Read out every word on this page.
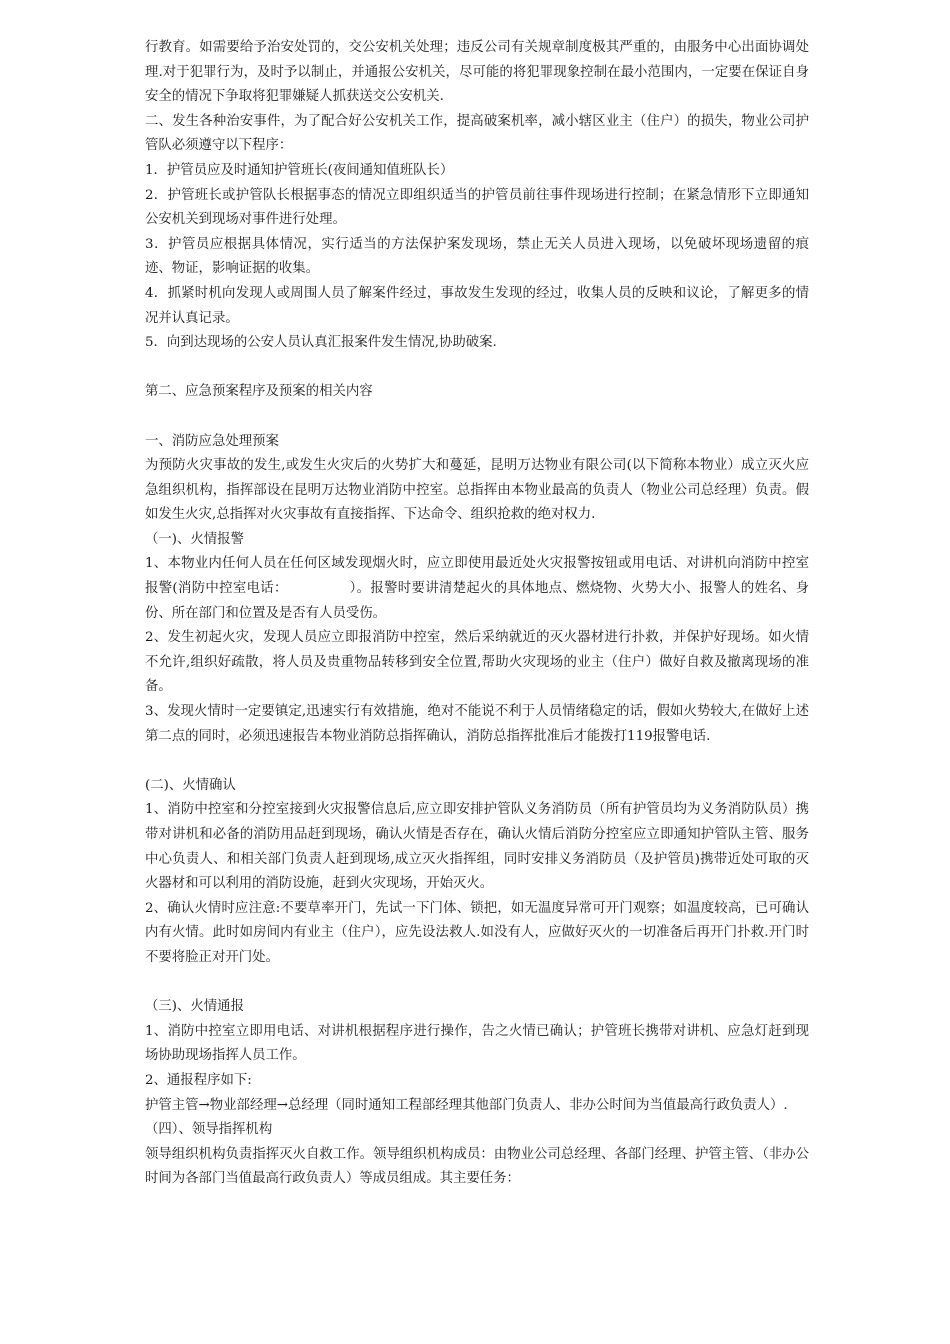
行教育。如需要给予治安处罚的，交公安机关处理；违反公司有关规章制度极其严重的，由服务中心出面协调处理.对于犯罪行为，及时予以制止，并通报公安机关，尽可能的将犯罪现象控制在最小范围内，一定要在保证自身安全的情况下争取将犯罪嫌疑人抓获送交公安机关.

二、发生各种治安事件，为了配合好公安机关工作，提高破案机率，减小辖区业主（住户）的损失，物业公司护管队必须遵守以下程序：

1．护管员应及时通知护管班长(夜间通知值班队长）

2．护管班长或护管队长根据事态的情况立即组织适当的护管员前往事件现场进行控制；在紧急情形下立即通知公安机关到现场对事件进行处理。

3．护管员应根据具体情况，实行适当的方法保护案发现场，禁止无关人员进入现场，以免破坏现场遗留的痕迹、物证，影响证据的收集。

4．抓紧时机向发现人或周围人员了解案件经过，事故发生发现的经过，收集人员的反映和议论，了解更多的情况并认真记录。

5．向到达现场的公安人员认真汇报案件发生情况,协助破案.

第二、应急预案程序及预案的相关内容

一、消防应急处理预案

为预防火灾事故的发生,或发生火灾后的火势扩大和蔓延，昆明万达物业有限公司(以下简称本物业）成立灭火应急组织机构，指挥部设在昆明万达物业消防中控室。总指挥由本物业最高的负责人（物业公司总经理）负责。假如发生火灾,总指挥对火灾事故有直接指挥、下达命令、组织抢救的绝对权力.

（一)、火情报警

1、本物业内任何人员在任何区域发现烟火时，应立即使用最近处火灾报警按钮或用电话、对讲机向消防中控室报警(消防中控室电话：　　　　　）。报警时要讲清楚起火的具体地点、燃烧物、火势大小、报警人的姓名、身份、所在部门和位置及是否有人员受伤。

2、发生初起火灾，发现人员应立即报消防中控室，然后采纳就近的灭火器材进行扑救，并保护好现场。如火情不允许,组织好疏散，将人员及贵重物品转移到安全位置,帮助火灾现场的业主（住户）做好自救及撤离现场的准备。

3、发现火情时一定要镇定,迅速实行有效措施，绝对不能说不利于人员情绪稳定的话，假如火势较大,在做好上述第二点的同时，必须迅速报告本物业消防总指挥确认，消防总指挥批准后才能拨打119报警电话.

(二)、火情确认

1、消防中控室和分控室接到火灾报警信息后,应立即安排护管队义务消防员（所有护管员均为义务消防队员）携带对讲机和必备的消防用品赶到现场，确认火情是否存在，确认火情后消防分控室应立即通知护管队主管、服务中心负责人、和相关部门负责人赶到现场,成立灭火指挥组，同时安排义务消防员（及护管员)携带近处可取的灭火器材和可以利用的消防设施，赶到火灾现场，开始灭火。

2、确认火情时应注意:不要草率开门，先试一下门体、锁把，如无温度异常可开门观察；如温度较高，已可确认内有火情。此时如房间内有业主（住户），应先设法救人.如没有人，应做好灭火的一切准备后再开门扑救.开门时不要将脸正对开门处。

（三)、火情通报

1、消防中控室立即用电话、对讲机根据程序进行操作，告之火情已确认；护管班长携带对讲机、应急灯赶到现场协助现场指挥人员工作。

2、通报程序如下:

护管主管→物业部经理→总经理（同时通知工程部经理其他部门负责人、非办公时间为当值最高行政负责人）.

（四）、领导指挥机构

领导组织机构负责指挥灭火自救工作。领导组织机构成员：由物业公司总经理、各部门经理、护管主管、（非办公时间为各部门当值最高行政负责人）等成员组成。其主要任务：
